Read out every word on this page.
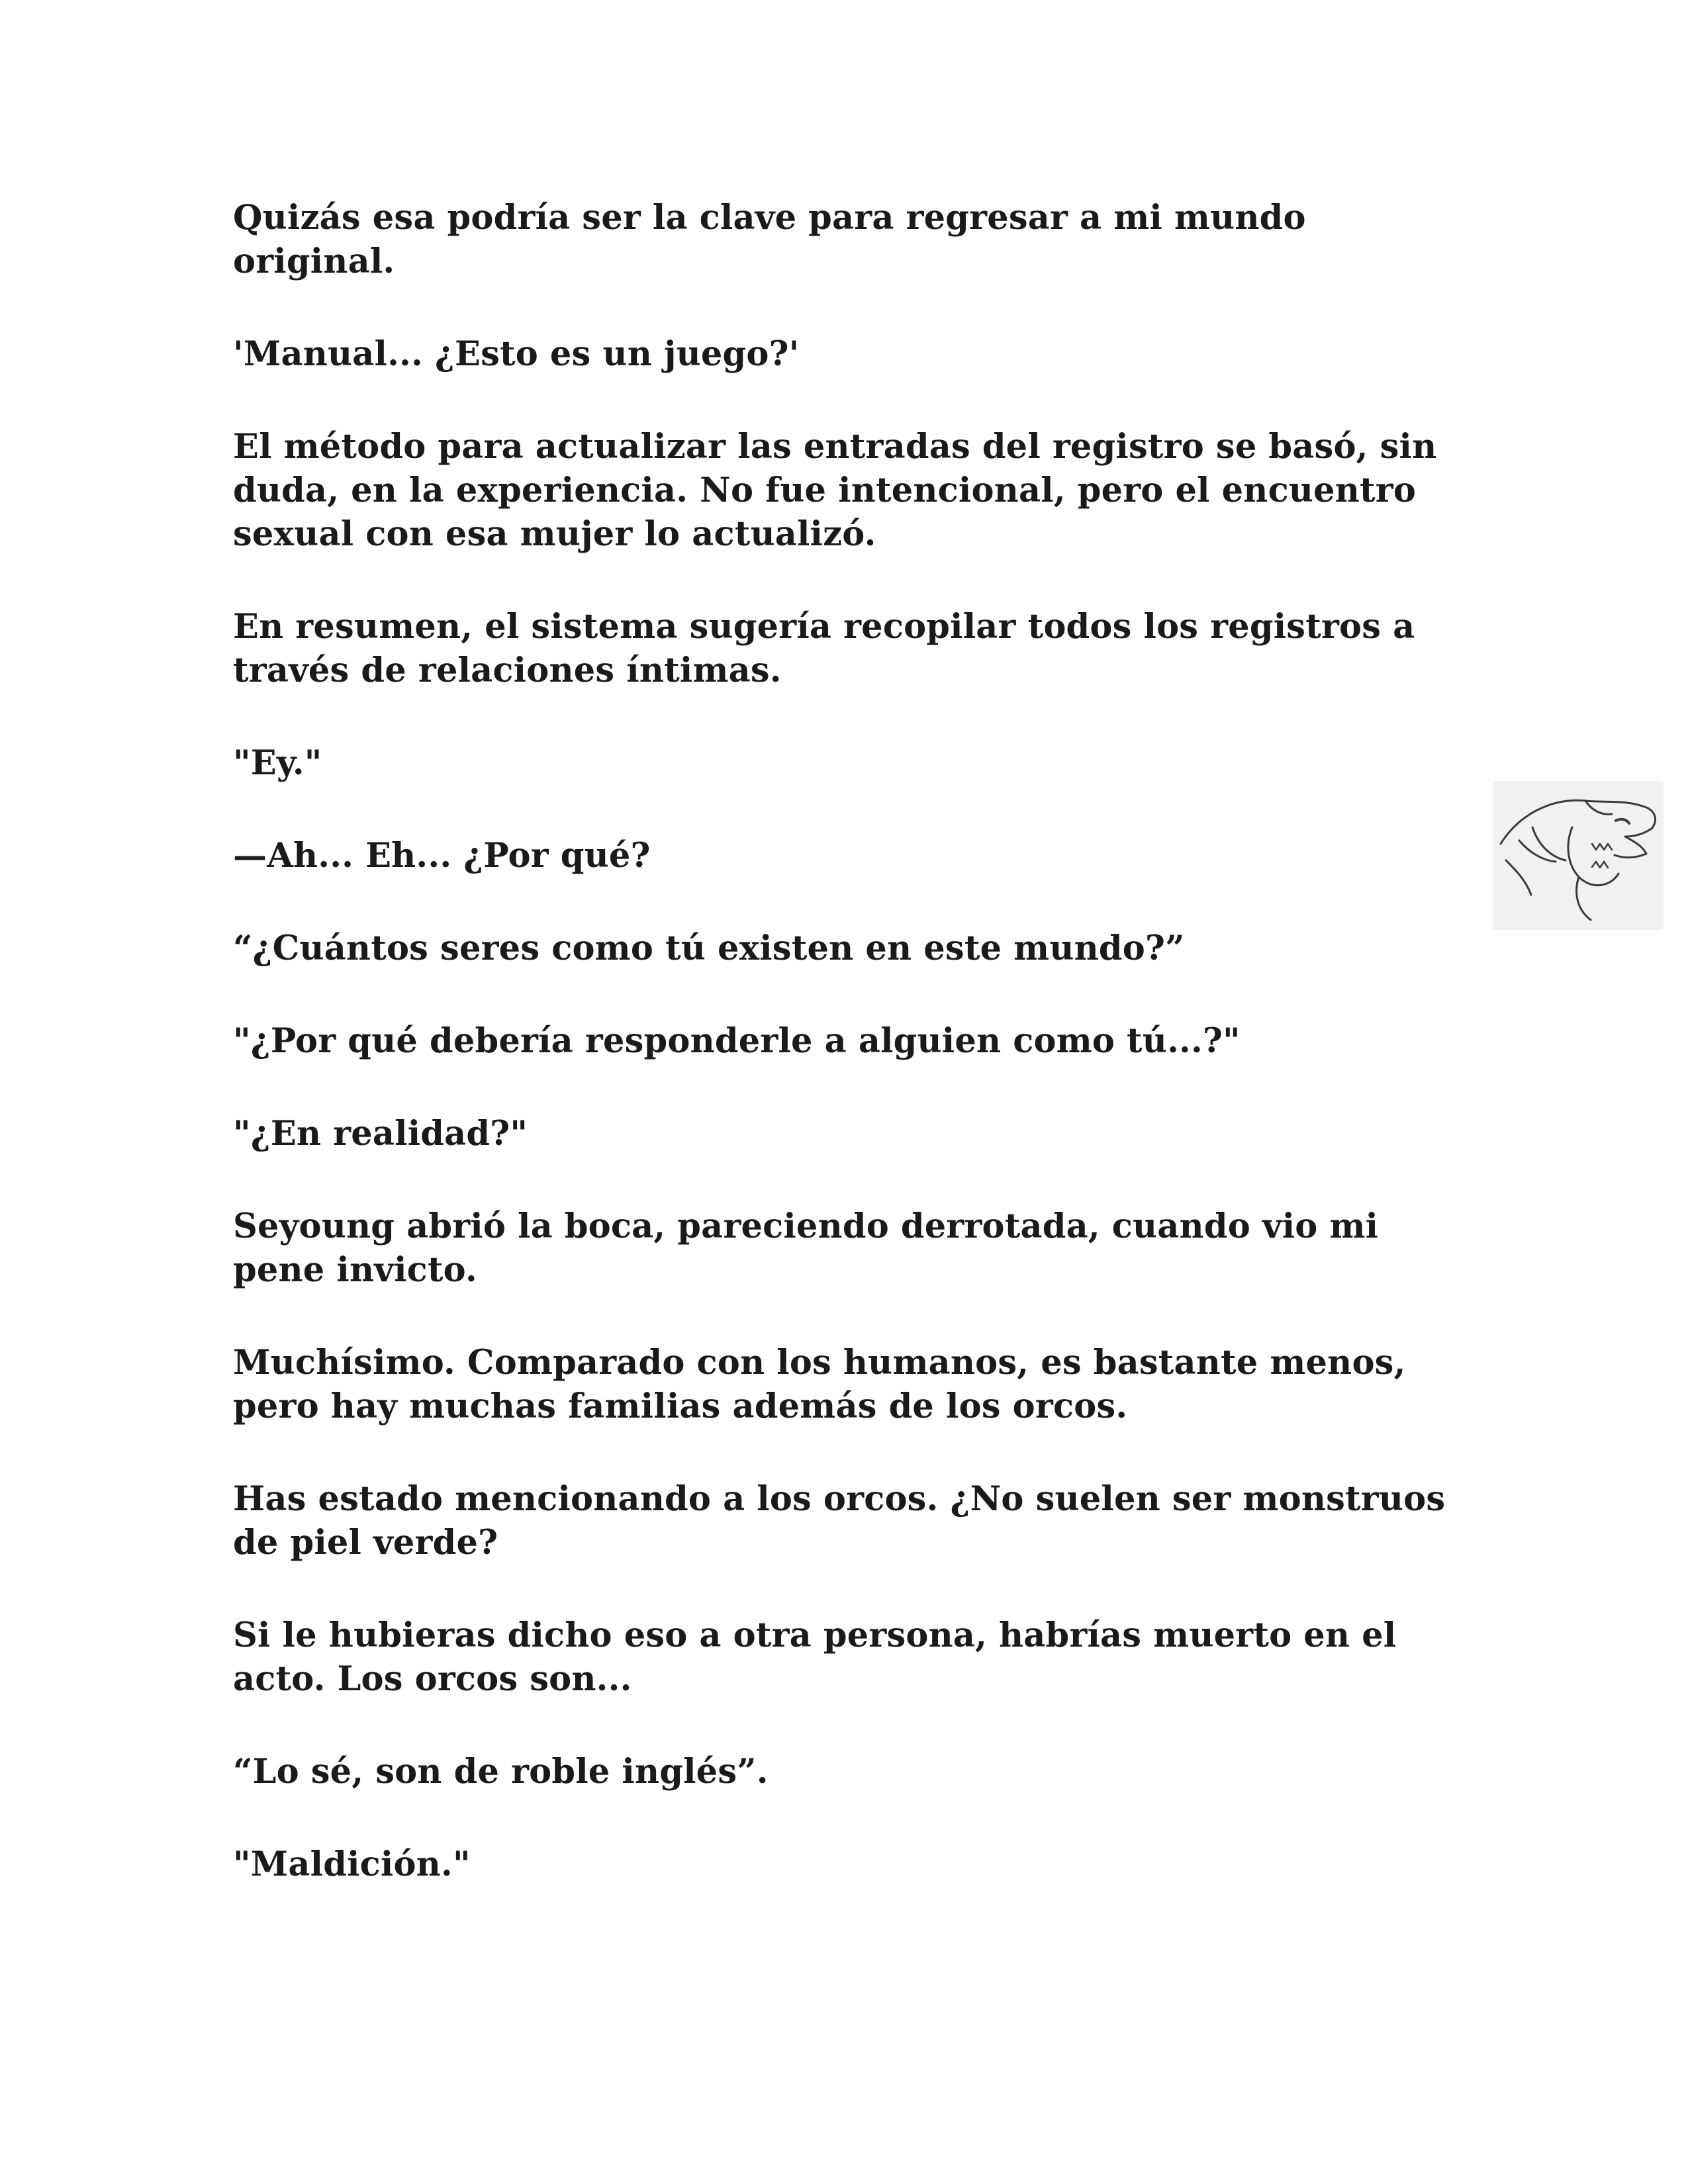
Quizás esa podría ser la clave para regresar a mi mundo original.

'Manual... ¿Esto es un juego?'

El método para actualizar las entradas del registro se basó, sin duda, en la experiencia. No fue intencional, pero el encuentro sexual con esa mujer lo actualizó.

En resumen, el sistema sugería recopilar todos los registros a través de relaciones íntimas.

"Ey."

—Ah... Eh... ¿Por qué?

“¿Cuántos seres como tú existen en este mundo?”

"¿Por qué debería responderle a alguien como tú...?"

"¿En realidad?"

Seyoung abrió la boca, pareciendo derrotada, cuando vio mi pene invicto.

Muchísimo. Comparado con los humanos, es bastante menos, pero hay muchas familias además de los orcos.

Has estado mencionando a los orcos. ¿No suelen ser monstruos de piel verde?

Si le hubieras dicho eso a otra persona, habrías muerto en el acto. Los orcos son...

“Lo sé, son de roble inglés”.

"Maldición."
